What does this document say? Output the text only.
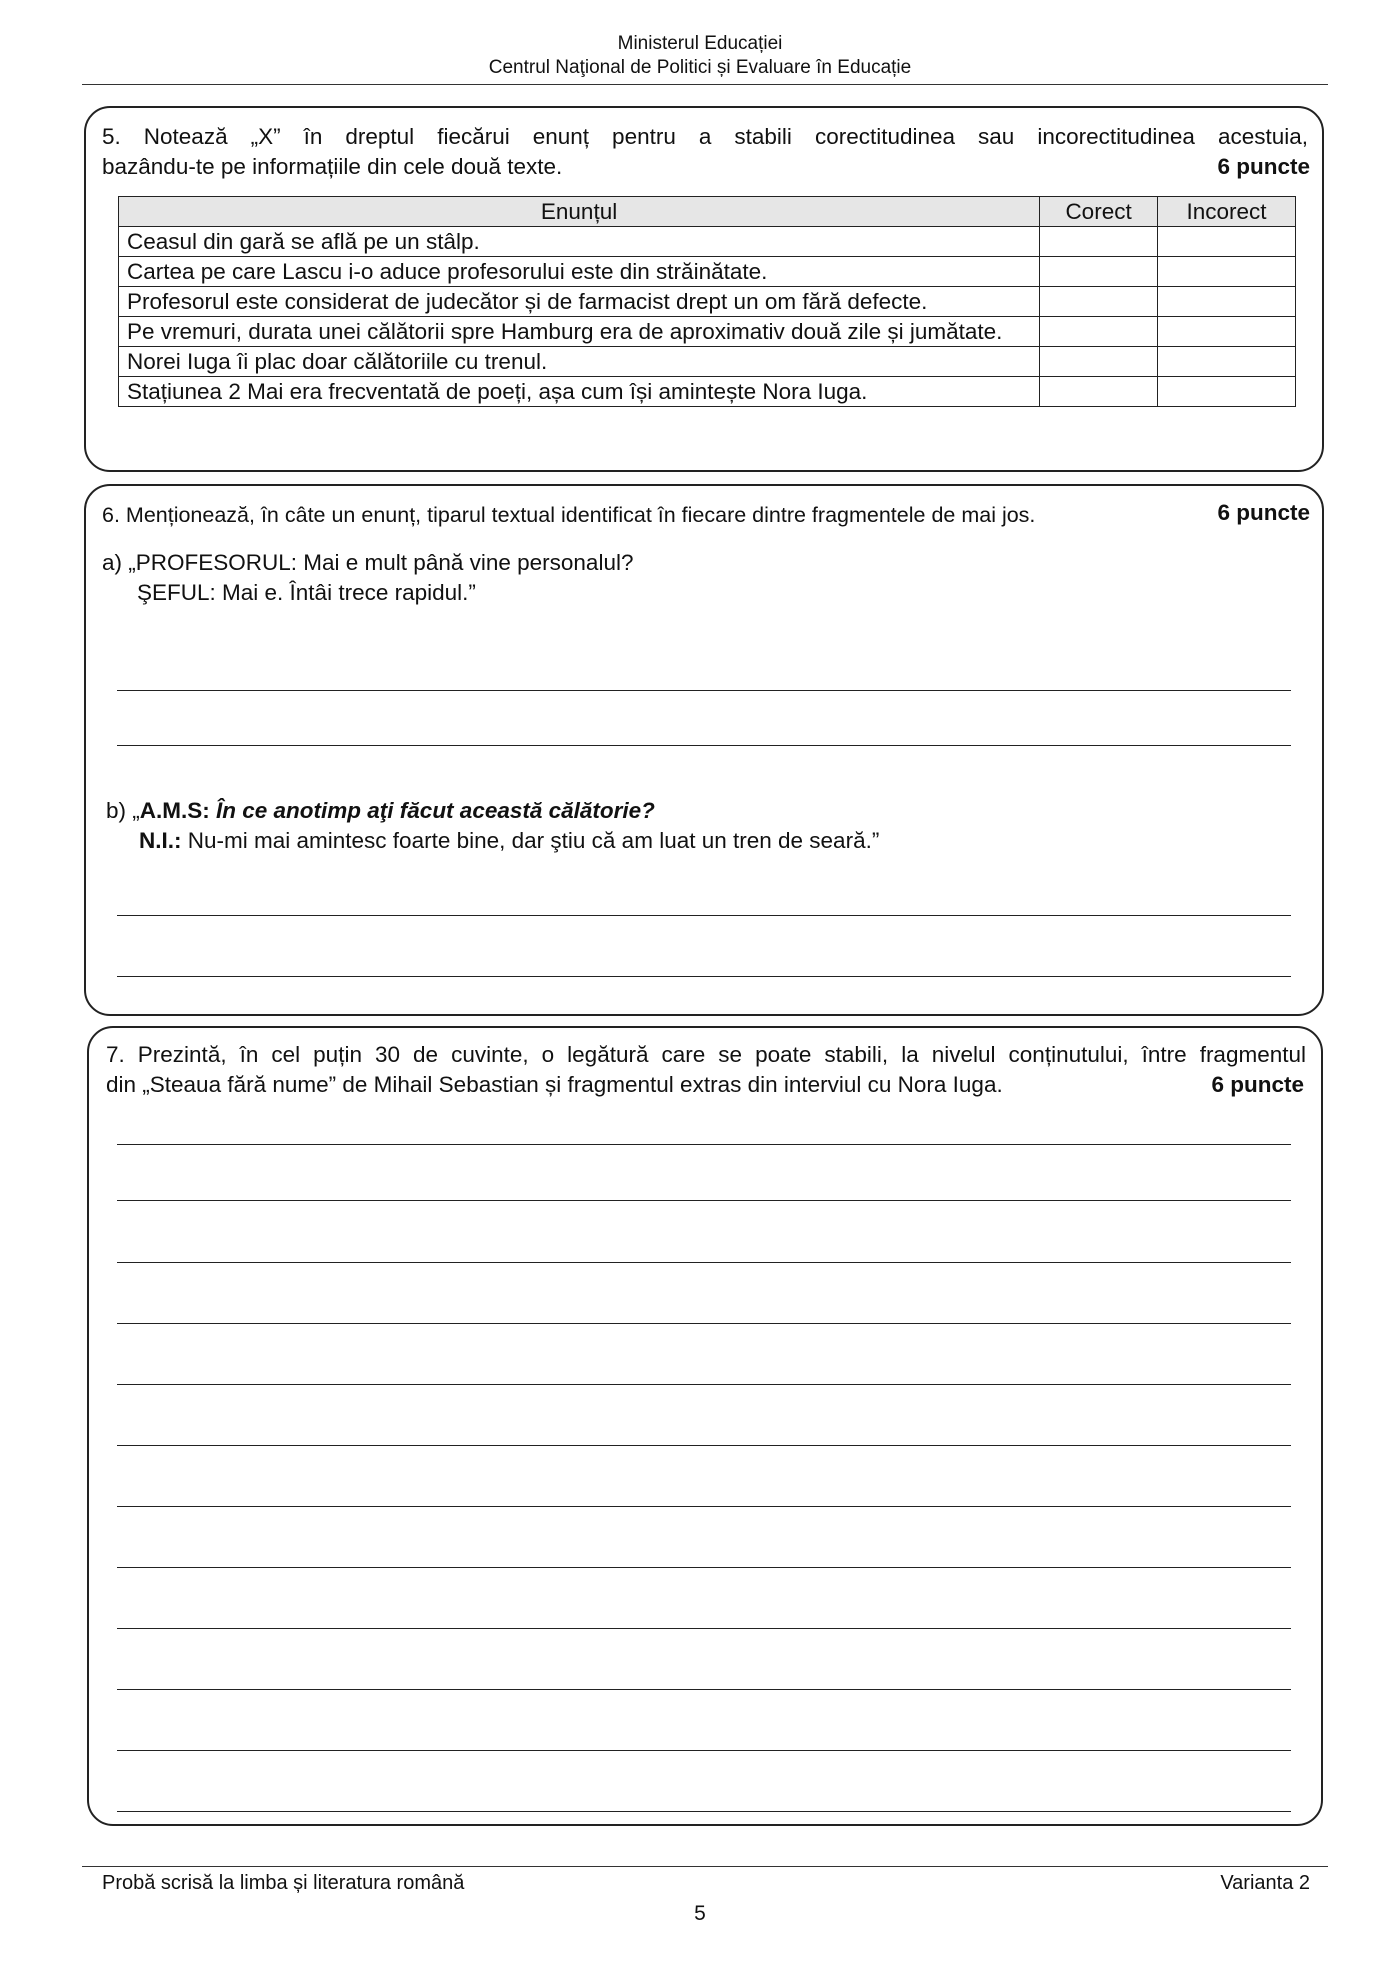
Ministerul Educației
Centrul Naţional de Politici și Evaluare în Educație
5. Notează „X” în dreptul fiecărui enunț pentru a stabili corectitudinea sau incorectitudinea acestuia,
bazându-te pe informațiile din cele două texte.	6 puncte
Enunțul	Corect	Incorect
Ceasul din gară se află pe un stâlp.		
Cartea pe care Lascu i-o aduce profesorului este din străinătate.		
Profesorul este considerat de judecător și de farmacist drept un om fără defecte.		
Pe vremuri, durata unei călătorii spre Hamburg era de aproximativ două zile și jumătate.		
Norei Iuga îi plac doar călătoriile cu trenul.		
Stațiunea 2 Mai era frecventată de poeți, așa cum își amintește Nora Iuga.		
6. Menționează, în câte un enunț, tiparul textual identificat în fiecare dintre fragmentele de mai jos.	6 puncte
a) „PROFESORUL: Mai e mult până vine personalul?
ŞEFUL: Mai e. Întâi trece rapidul.”
b) „A.M.S: În ce anotimp aţi făcut această călătorie?
N.I.: Nu-mi mai amintesc foarte bine, dar ştiu că am luat un tren de seară.”
7. Prezintă, în cel puțin 30 de cuvinte, o legătură care se poate stabili, la nivelul conținutului, între fragmentul
din „Steaua fără nume” de Mihail Sebastian și fragmentul extras din interviul cu Nora Iuga.	6 puncte
Probă scrisă la limba și literatura română	Varianta 2
5
